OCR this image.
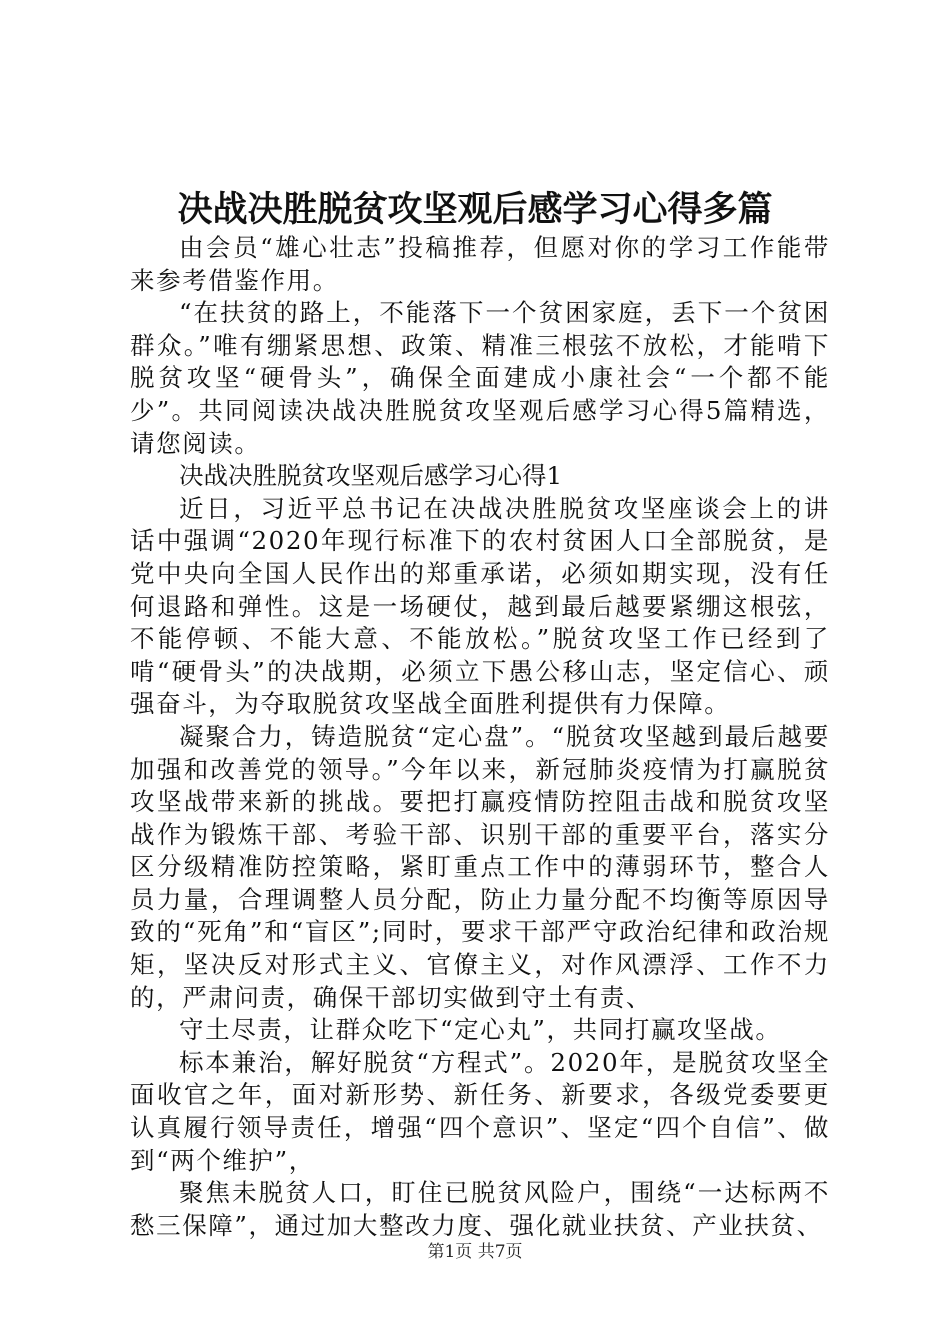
决战决胜脱贫攻坚观后感学习心得多篇

由会员“雄心壮志”投稿推荐，但愿对你的学习工作能带来参考借鉴作用。

“在扶贫的路上，不能落下一个贫困家庭，丢下一个贫困群众。”唯有绷紧思想、政策、精准三根弦不放松，才能啃下脱贫攻坚“硬骨头”，确保全面建成小康社会“一个都不能少”。共同阅读决战决胜脱贫攻坚观后感学习心得5篇精选，请您阅读。

决战决胜脱贫攻坚观后感学习心得1

近日，习近平总书记在决战决胜脱贫攻坚座谈会上的讲话中强调“2020年现行标准下的农村贫困人口全部脱贫，是党中央向全国人民作出的郑重承诺，必须如期实现，没有任何退路和弹性。这是一场硬仗，越到最后越要紧绷这根弦，不能停顿、不能大意、不能放松。”脱贫攻坚工作已经到了啃“硬骨头”的决战期，必须立下愚公移山志，坚定信心、顽强奋斗，为夺取脱贫攻坚战全面胜利提供有力保障。

凝聚合力，铸造脱贫“定心盘”。“脱贫攻坚越到最后越要加强和改善党的领导。”今年以来，新冠肺炎疫情为打赢脱贫攻坚战带来新的挑战。要把打赢疫情防控阻击战和脱贫攻坚战作为锻炼干部、考验干部、识别干部的重要平台，落实分区分级精准防控策略，紧盯重点工作中的薄弱环节，整合人员力量，合理调整人员分配，防止力量分配不均衡等原因导致的“死角”和“盲区”;同时，要求干部严守政治纪律和政治规矩，坚决反对形式主义、官僚主义，对作风漂浮、工作不力的，严肃问责，确保干部切实做到守土有责、

守土尽责，让群众吃下“定心丸”，共同打赢攻坚战。

标本兼治，解好脱贫“方程式”。2020年，是脱贫攻坚全面收官之年，面对新形势、新任务、新要求，各级党委要更认真履行领导责任，增强“四个意识”、坚定“四个自信”、做到“两个维护”，

聚焦未脱贫人口，盯住已脱贫风险户，围绕“一达标两不愁三保障”，通过加大整改力度、强化就业扶贫、产业扶贫、

第1页 共7页
